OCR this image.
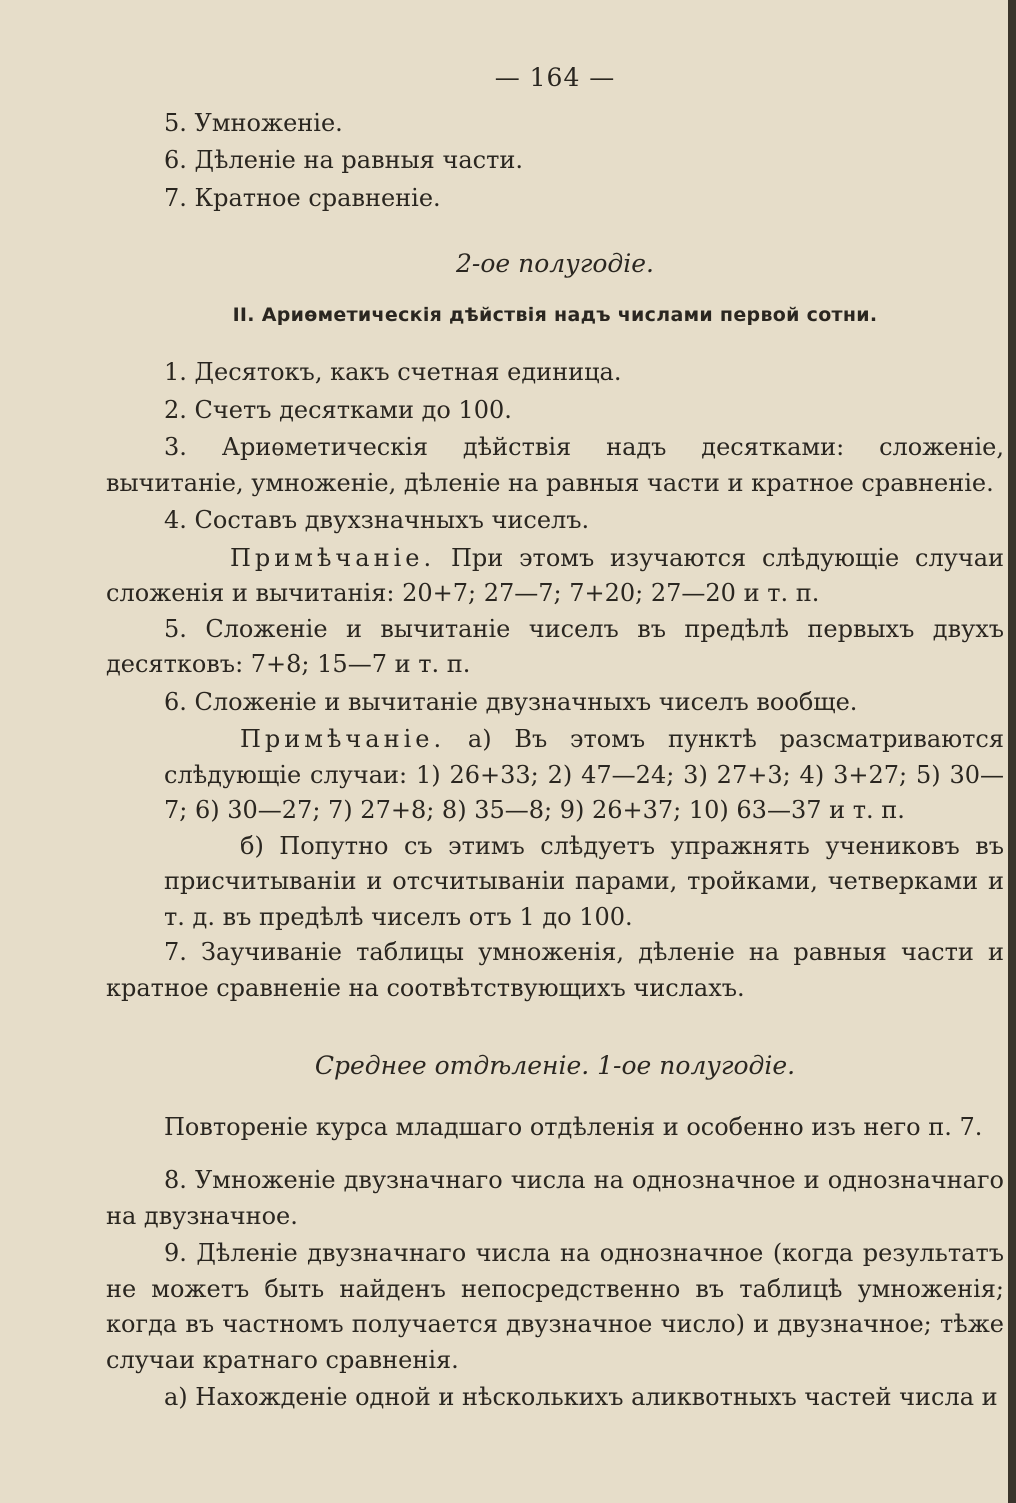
— 164 —
5. Умноженіе.
6. Дѣленіе на равныя части.
7. Кратное сравненіе.
2-ое полугодіе.
II. Ариѳметическія дѣйствія надъ числами первой сотни.
1. Десятокъ, какъ счетная единица.
2. Счетъ десятками до 100.
3. Ариѳметическія дѣйствія надъ десятками: сложеніе, вычитаніе, умноженіе, дѣленіе на равныя части и кратное сравненіе.
4. Составъ двухзначныхъ чиселъ.
Примѣчаніе. При этомъ изучаются слѣдующіе случаи сложенія и вычитанія: 20+7; 27—7; 7+20; 27—20 и т. п.
5. Сложеніе и вычитаніе чиселъ въ предѣлѣ первыхъ двухъ десятковъ: 7+8; 15—7 и т. п.
6. Сложеніе и вычитаніе двузначныхъ чиселъ вообще.
Примѣчаніе. а) Въ этомъ пунктѣ разсматриваются слѣдующіе случаи: 1) 26+33; 2) 47—24; 3) 27+3; 4) 3+27; 5) 30—7; 6) 30—27; 7) 27+8; 8) 35—8; 9) 26+37; 10) 63—37 и т. п.
б) Попутно съ этимъ слѣдуетъ упражнять учениковъ въ присчитываніи и отсчитываніи парами, тройками, четверками и т. д. въ предѣлѣ чиселъ отъ 1 до 100.
7. Заучиваніе таблицы умноженія, дѣленіе на равныя части и кратное сравненіе на соотвѣтствующихъ числахъ.
Среднее отдѣленіе. 1-ое полугодіе.
Повтореніе курса младшаго отдѣленія и особенно изъ него п. 7.
8. Умноженіе двузначнаго числа на однозначное и однозначнаго на двузначное.
9. Дѣленіе двузначнаго числа на однозначное (когда результатъ не можетъ быть найденъ непосредственно въ таблицѣ умноженія; когда въ частномъ получается двузначное число) и двузначное; тѣже случаи кратнаго сравненія.
а) Нахожденіе одной и нѣсколькихъ аликвотныхъ частей числа и
